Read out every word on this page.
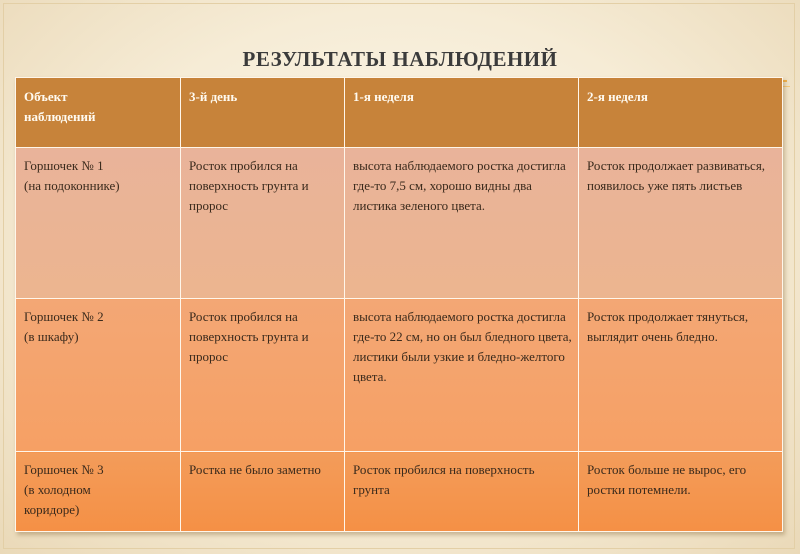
РЕЗУЛЬТАТЫ НАБЛЮДЕНИЙ
Объект
наблюдений	3-й день	1-я неделя	2-я неделя
Горшочек № 1
(на подоконнике)	Росток пробился на поверхность грунта и пророс	высота наблюдаемого ростка достигла где-то 7,5 см, хорошо видны два листика зеленого цвета.	Росток продолжает развиваться, появилось уже пять листьев
Горшочек № 2
(в шкафу)	Росток пробился на поверхность грунта и пророс	высота наблюдаемого ростка достигла где-то 22 см, но он был бледного цвета, листики были узкие и бледно-желтого цвета.	Росток продолжает тянуться, выглядит очень бледно.
Горшочек № 3
(в холодном
коридоре)	Ростка не было заметно	Росток пробился на поверхность грунта	Росток больше не вырос, его ростки потемнели.
